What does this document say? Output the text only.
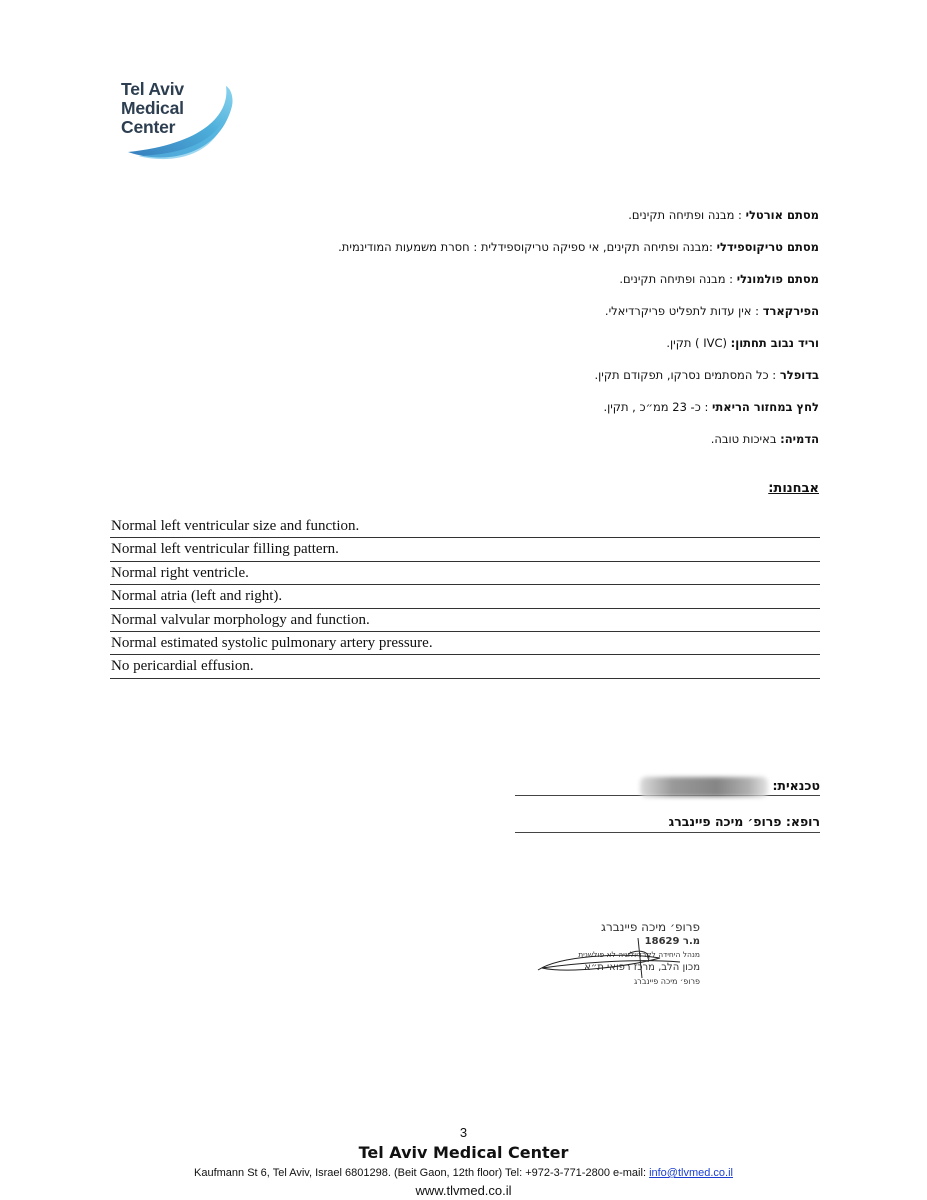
Tel Aviv
Medical
Center
מסתם אורטלי : מבנה ופתיחה תקינים.
מסתם טריקוספידלי :מבנה ופתיחה תקינים, אי ספיקה טריקוספידלית : חסרת משמעות המודינמית.
מסתם פולמונלי : מבנה ופתיחה תקינים.
הפירקארד : אין עדות לתפליט פריקרדיאלי.
וריד נבוב תחתון: (IVC ) תקין.
בדופלר : כל המסתמים נסרקו, תפקודם תקין.
לחץ במחזור הריאתי : כ- 23 ממ״כ , תקין.
הדמיה: באיכות טובה.
אבחנות:
Normal left ventricular size and function.
Normal left ventricular filling pattern.
Normal right ventricle.
Normal atria (left and right).
Normal valvular morphology and function.
Normal estimated systolic pulmonary artery pressure.
No pericardial effusion.
טכנאית:
רופא: פרופ׳ מיכה פיינברג
פרופ׳ מיכה פיינברג
מ.ר 18629
מנהל היחידה לקרדיולוגיה לא פולשנית
מכון הלב, מרכז רפואי ת״א
פרופ׳ מיכה פיינברג
3
Tel Aviv Medical Center
Kaufmann St 6, Tel Aviv, Israel 6801298. (Beit Gaon, 12th floor) Tel: +972-3-771-2800 e-mail: info@tlvmed.co.il
www.tlvmed.co.il
